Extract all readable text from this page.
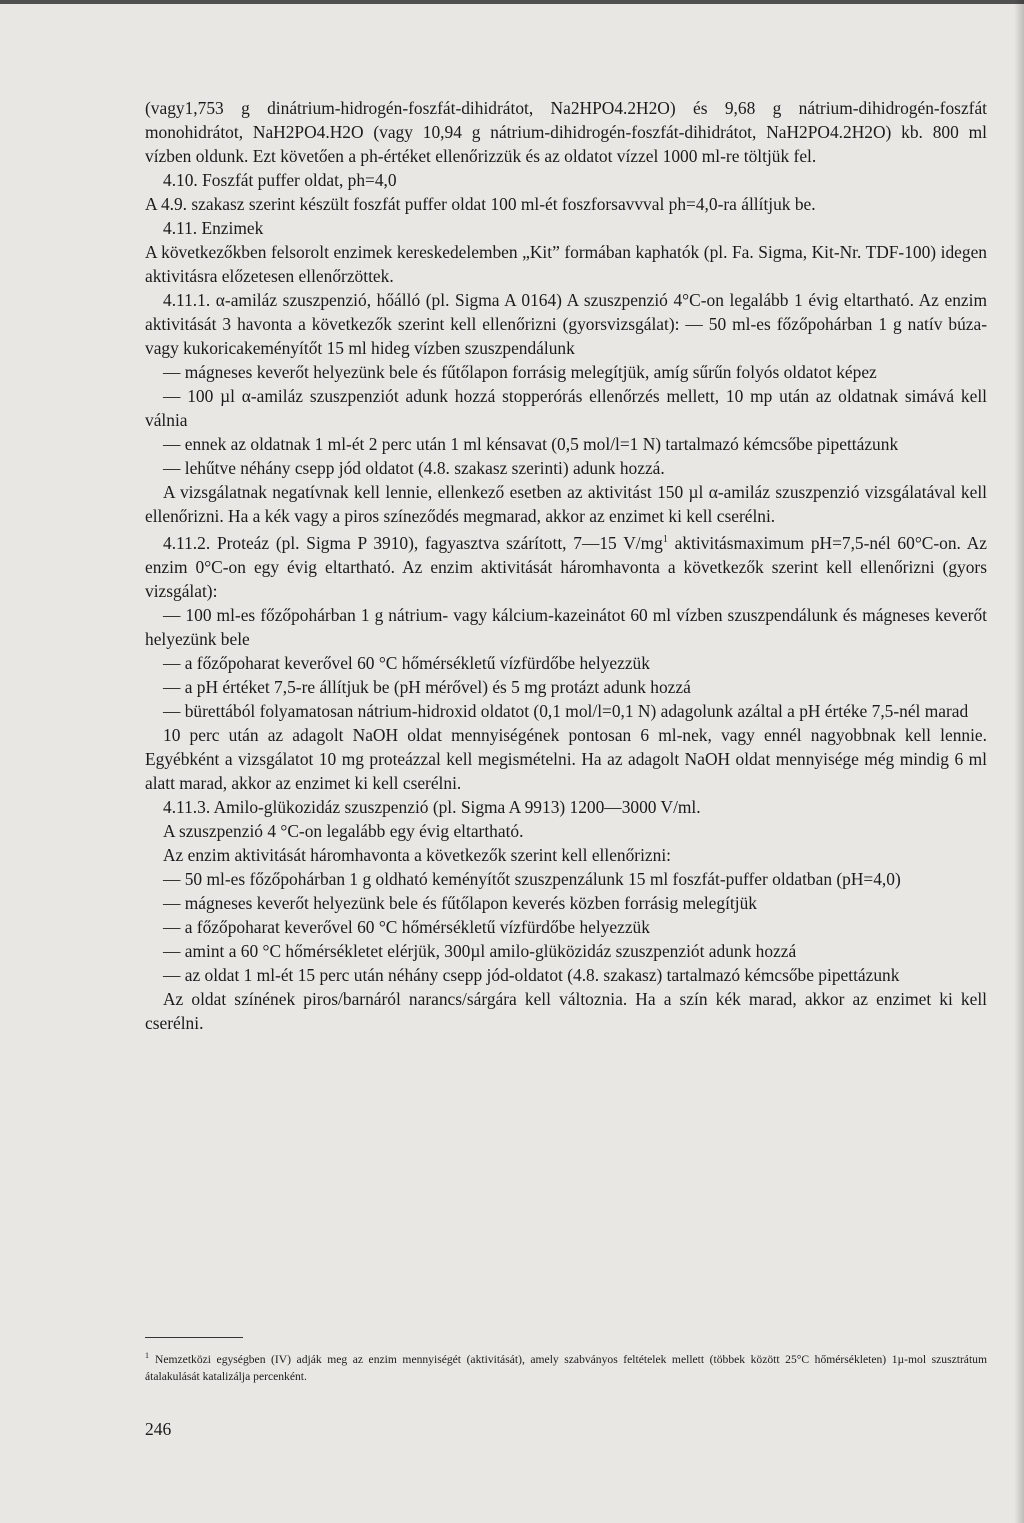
(vagy1,753 g dinátrium-hidrogén-foszfát-dihidrátot, Na2HPO4.2H2O) és 9,68 g nátrium-dihidrogén-foszfát monohidrátot, NaH2PO4.H2O (vagy 10,94 g nátrium-dihidrogén-foszfát-dihidrátot, NaH2PO4.2H2O) kb. 800 ml vízben oldunk. Ezt követően a ph-értéket ellenőrizzük és az oldatot vízzel 1000 ml-re töltjük fel.

4.10. Foszfát puffer oldat, ph=4,0

A 4.9. szakasz szerint készült foszfát puffer oldat 100 ml-ét foszforsavvval ph=4,0-ra állítjuk be.

4.11. Enzimek

A következőkben felsorolt enzimek kereskedelemben „Kit” formában kaphatók (pl. Fa. Sigma, Kit-Nr. TDF-100) idegen aktivitásra előzetesen ellenőrzöttek.

4.11.1. α-amiláz szuszpenzió, hőálló (pl. Sigma A 0164) A szuszpenzió 4°C-on legalább 1 évig eltartható. Az enzim aktivitását 3 havonta a következők szerint kell ellenőrizni (gyorsvizsgálat): — 50 ml-es főzőpohárban 1 g natív búza- vagy kukoricakeményítőt 15 ml hideg vízben szuszpendálunk

— mágneses keverőt helyezünk bele és fűtőlapon forrásig melegítjük, amíg sűrűn folyós oldatot képez

— 100 µl α-amiláz szuszpenziót adunk hozzá stopperórás ellenőrzés mellett, 10 mp után az oldatnak simává kell válnia

— ennek az oldatnak 1 ml-ét 2 perc után 1 ml kénsavat (0,5 mol/l=1 N) tartalmazó kémcsőbe pipettázunk

— lehűtve néhány csepp jód oldatot (4.8. szakasz szerinti) adunk hozzá.

A vizsgálatnak negatívnak kell lennie, ellenkező esetben az aktivitást 150 µl α-amiláz szuszpenzió vizsgálatával kell ellenőrizni. Ha a kék vagy a piros színeződés megmarad, akkor az enzimet ki kell cserélni.

4.11.2. Proteáz (pl. Sigma P 3910), fagyasztva szárított, 7—15 V/mg$^1$ aktivitásmaximum pH=7,5-nél 60°C-on. Az enzim 0°C-on egy évig eltartható. Az enzim aktivitását háromhavonta a következők szerint kell ellenőrizni (gyors vizsgálat):

— 100 ml-es főzőpohárban 1 g nátrium- vagy kálcium-kazeinátot 60 ml vízben szuszpendálunk és mágneses keverőt helyezünk bele

— a főzőpoharat keverővel 60 °C hőmérsékletű vízfürdőbe helyezzük

— a pH értéket 7,5-re állítjuk be (pH mérővel) és 5 mg protázt adunk hozzá

— bürettából folyamatosan nátrium-hidroxid oldatot (0,1 mol/l=0,1 N) adagolunk azáltal a pH értéke 7,5-nél marad

10 perc után az adagolt NaOH oldat mennyiségének pontosan 6 ml-nek, vagy ennél nagyobbnak kell lennie. Egyébként a vizsgálatot 10 mg proteázzal kell megismételni. Ha az adagolt NaOH oldat mennyisége még mindig 6 ml alatt marad, akkor az enzimet ki kell cserélni.

4.11.3. Amilo-glükozidáz szuszpenzió (pl. Sigma A 9913) 1200—3000 V/ml.

A szuszpenzió 4 °C-on legalább egy évig eltartható.

Az enzim aktivitását háromhavonta a következők szerint kell ellenőrizni:

— 50 ml-es főzőpohárban 1 g oldható keményítőt szuszpenzálunk 15 ml foszfát-puffer oldatban (pH=4,0)

— mágneses keverőt helyezünk bele és fűtőlapon keverés közben forrásig melegítjük

— a főzőpoharat keverővel 60 °C hőmérsékletű vízfürdőbe helyezzük

— amint a 60 °C hőmérsékletet elérjük, 300µl amilo-glüközidáz szuszpenziót adunk hozzá

— az oldat 1 ml-ét 15 perc után néhány csepp jód-oldatot (4.8. szakasz) tartalmazó kémcsőbe pipettázunk

Az oldat színének piros/barnáról narancs/sárgára kell változnia. Ha a szín kék marad, akkor az enzimet ki kell cserélni.

$^1$ Nemzetközi egységben (IV) adják meg az enzim mennyiségét (aktivitását), amely szabványos feltételek mellett (többek között 25°C hőmérsékleten) 1µ-mol szusztrátum átalakulását katalizálja percenként.
246
